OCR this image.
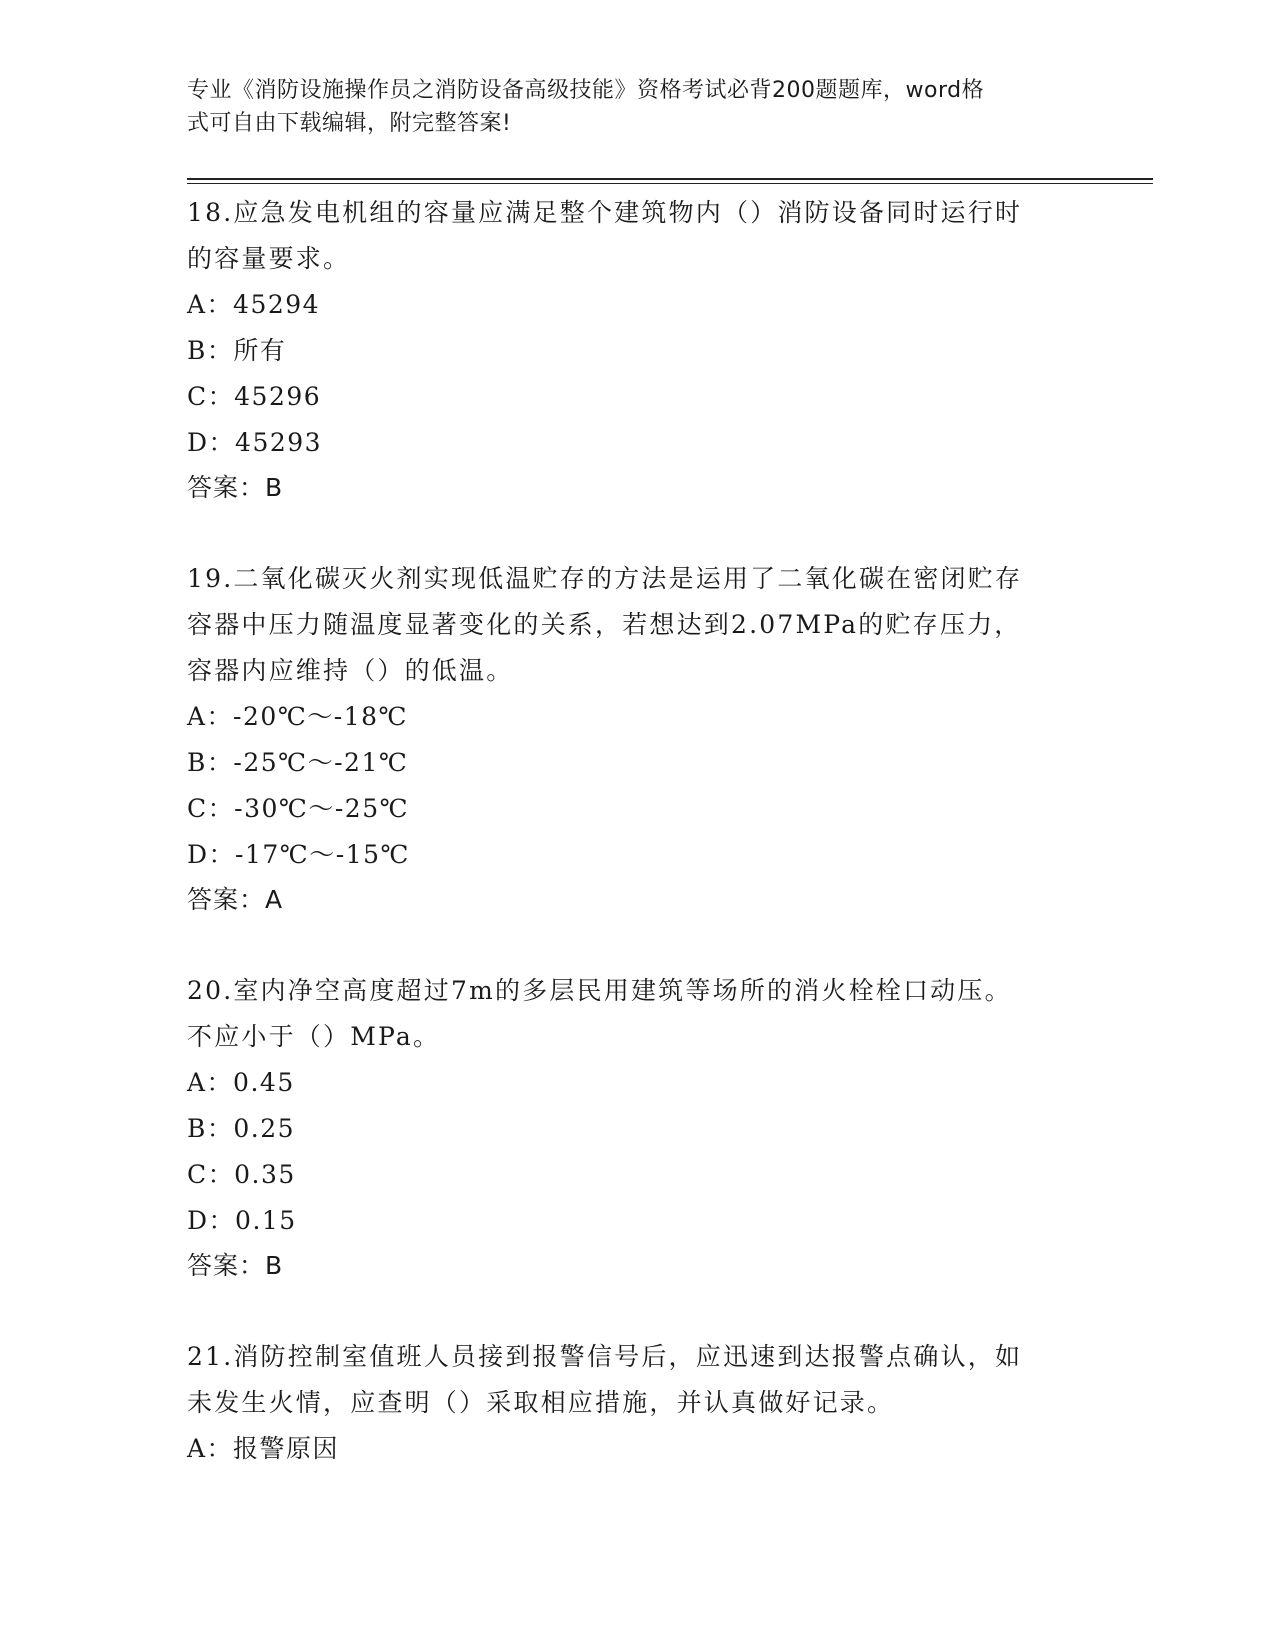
专业《消防设施操作员之消防设备高级技能》资格考试必背200题题库，word格
式可自由下载编辑，附完整答案!
18.应急发电机组的容量应满足整个建筑物内（）消防设备同时运行时
的容量要求。
A：45294
B：所有
C：45296
D：45293
答案：B
19.二氧化碳灭火剂实现低温贮存的方法是运用了二氧化碳在密闭贮存
容器中压力随温度显著变化的关系，若想达到2.07MPa的贮存压力，
容器内应维持（）的低温。
A：-20℃～-18℃
B：-25℃～-21℃
C：-30℃～-25℃
D：-17℃～-15℃
答案：A
20.室内净空高度超过7m的多层民用建筑等场所的消火栓栓口动压。
不应小于（）MPa。
A：0.45
B：0.25
C：0.35
D：0.15
答案：B
21.消防控制室值班人员接到报警信号后，应迅速到达报警点确认，如
未发生火情，应查明（）采取相应措施，并认真做好记录。
A：报警原因
